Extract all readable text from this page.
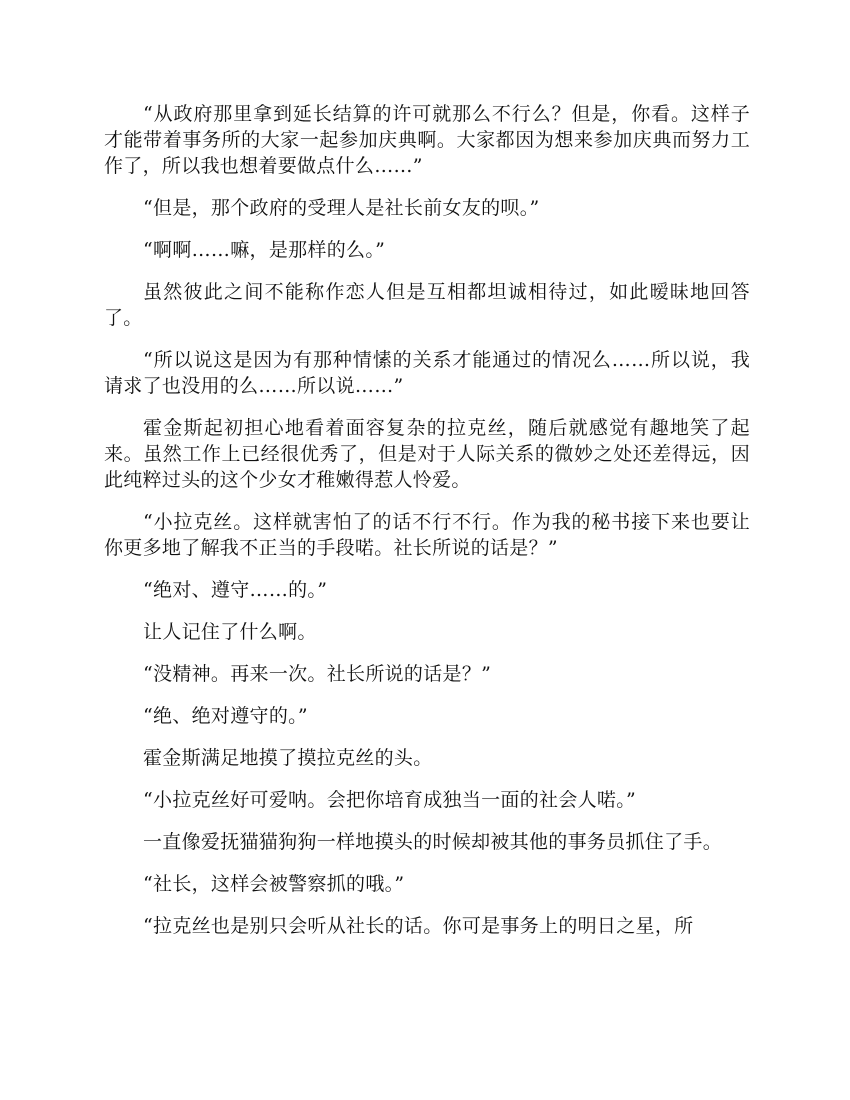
“从政府那里拿到延长结算的许可就那么不行么？但是，你看。这样子才能带着事务所的大家一起参加庆典啊。大家都因为想来参加庆典而努力工作了，所以我也想着要做点什么……”

“但是，那个政府的受理人是社长前女友的呗。”

“啊啊……嘛，是那样的么。”

虽然彼此之间不能称作恋人但是互相都坦诚相待过，如此暧昧地回答了。

“所以说这是因为有那种情愫的关系才能通过的情况么……所以说，我请求了也没用的么……所以说……”

霍金斯起初担心地看着面容复杂的拉克丝，随后就感觉有趣地笑了起来。虽然工作上已经很优秀了，但是对于人际关系的微妙之处还差得远，因此纯粹过头的这个少女才稚嫩得惹人怜爱。

“小拉克丝。这样就害怕了的话不行不行。作为我的秘书接下来也要让你更多地了解我不正当的手段喏。社长所说的话是？”

“绝对、遵守……的。”

让人记住了什么啊。

“没精神。再来一次。社长所说的话是？”

“绝、绝对遵守的。”

霍金斯满足地摸了摸拉克丝的头。

“小拉克丝好可爱呐。会把你培育成独当一面的社会人喏。”

一直像爱抚猫猫狗狗一样地摸头的时候却被其他的事务员抓住了手。

“社长，这样会被警察抓的哦。”

“拉克丝也是别只会听从社长的话。你可是事务上的明日之星，所
